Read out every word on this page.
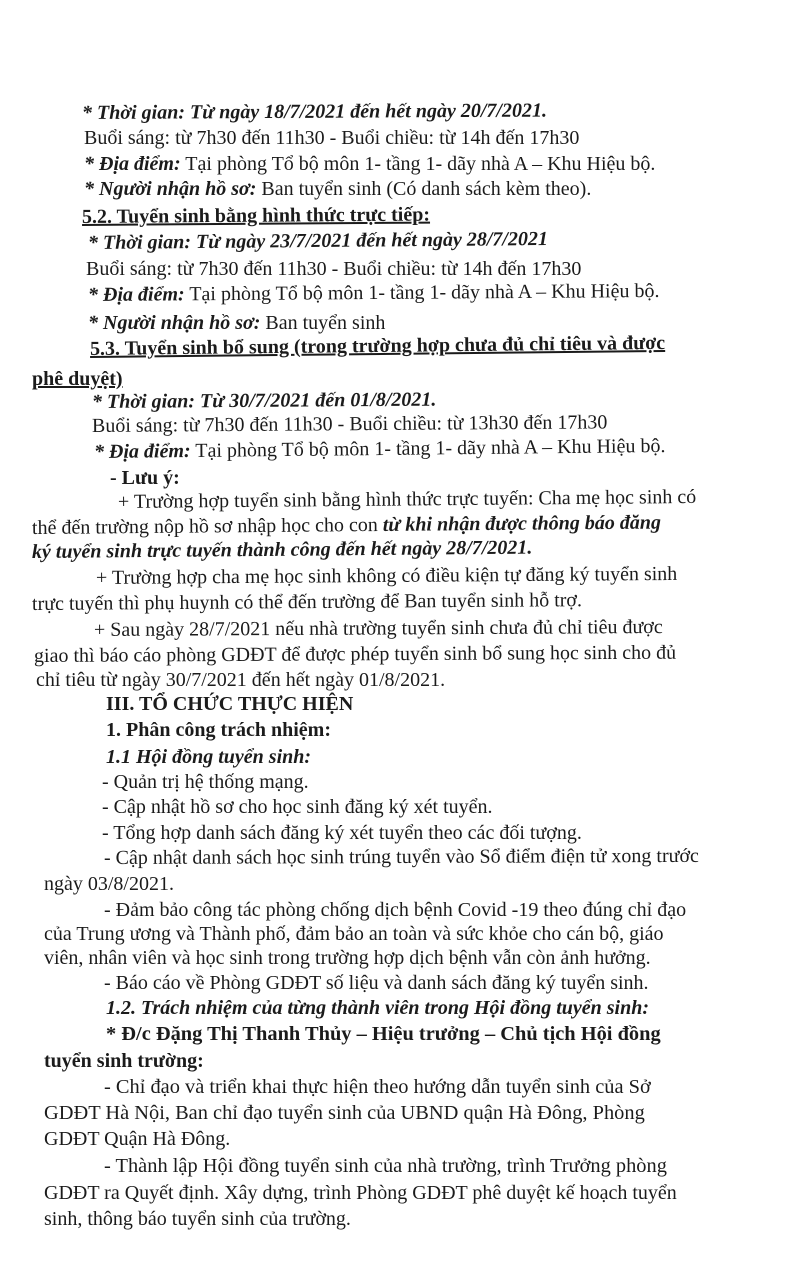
* Thời gian: Từ ngày 18/7/2021 đến hết ngày 20/7/2021.
Buổi sáng: từ 7h30 đến 11h30 - Buổi chiều: từ 14h đến 17h30
* Địa điểm: Tại phòng Tổ bộ môn 1- tầng 1- dãy nhà A – Khu Hiệu bộ.
* Người nhận hồ sơ: Ban tuyển sinh (Có danh sách kèm theo).
5.2. Tuyển sinh bằng hình thức trực tiếp:
* Thời gian: Từ ngày 23/7/2021 đến hết ngày 28/7/2021
Buổi sáng: từ 7h30 đến 11h30 - Buổi chiều: từ 14h đến 17h30
* Địa điểm: Tại phòng Tổ bộ môn 1- tầng 1- dãy nhà A – Khu Hiệu bộ.
* Người nhận hồ sơ: Ban tuyển sinh
5.3. Tuyển sinh bổ sung (trong trường hợp chưa đủ chỉ tiêu và được
phê duyệt)
* Thời gian: Từ 30/7/2021 đến 01/8/2021.
Buổi sáng: từ 7h30 đến 11h30 - Buổi chiều: từ 13h30 đến 17h30
* Địa điểm: Tại phòng Tổ bộ môn 1- tầng 1- dãy nhà A – Khu Hiệu bộ.
- Lưu ý:
+ Trường hợp tuyển sinh bằng hình thức trực tuyến: Cha mẹ học sinh có
thể đến trường nộp hồ sơ nhập học cho con từ khi nhận được thông báo đăng
ký tuyển sinh trực tuyến thành công đến hết ngày 28/7/2021.
+ Trường hợp cha mẹ học sinh không có điều kiện tự đăng ký tuyển sinh
trực tuyến thì phụ huynh có thể đến trường để Ban tuyển sinh hỗ trợ.
+ Sau ngày 28/7/2021 nếu nhà trường tuyển sinh chưa đủ chỉ tiêu được
giao thì báo cáo phòng GDĐT để được phép tuyển sinh bổ sung học sinh cho đủ
chỉ tiêu từ ngày 30/7/2021 đến hết ngày 01/8/2021.
III. TỔ CHỨC THỰC HIỆN
1. Phân công trách nhiệm:
1.1 Hội đồng tuyển sinh:
- Quản trị hệ thống mạng.
- Cập nhật hồ sơ cho học sinh đăng ký xét tuyển.
- Tổng hợp danh sách đăng ký xét tuyển theo các đối tượng.
- Cập nhật danh sách học sinh trúng tuyển vào Sổ điểm điện tử xong trước
ngày 03/8/2021.
- Đảm bảo công tác phòng chống dịch bệnh Covid -19 theo đúng chỉ đạo
của Trung ương và Thành phố, đảm bảo an toàn và sức khỏe cho cán bộ, giáo
viên, nhân viên và học sinh trong trường hợp dịch bệnh vẫn còn ảnh hưởng.
- Báo cáo về Phòng GDĐT số liệu và danh sách đăng ký tuyển sinh.
1.2. Trách nhiệm của từng thành viên trong Hội đồng tuyển sinh:
* Đ/c Đặng Thị Thanh Thủy – Hiệu trưởng – Chủ tịch Hội đồng
tuyển sinh trường:
- Chỉ đạo và triển khai thực hiện theo hướng dẫn tuyển sinh của Sở
GDĐT Hà Nội, Ban chỉ đạo tuyển sinh của UBND quận Hà Đông, Phòng
GDĐT Quận Hà Đông.
- Thành lập Hội đồng tuyển sinh của nhà trường, trình Trưởng phòng
GDĐT ra Quyết định. Xây dựng, trình Phòng GDĐT phê duyệt kế hoạch tuyển
sinh, thông báo tuyển sinh của trường.
